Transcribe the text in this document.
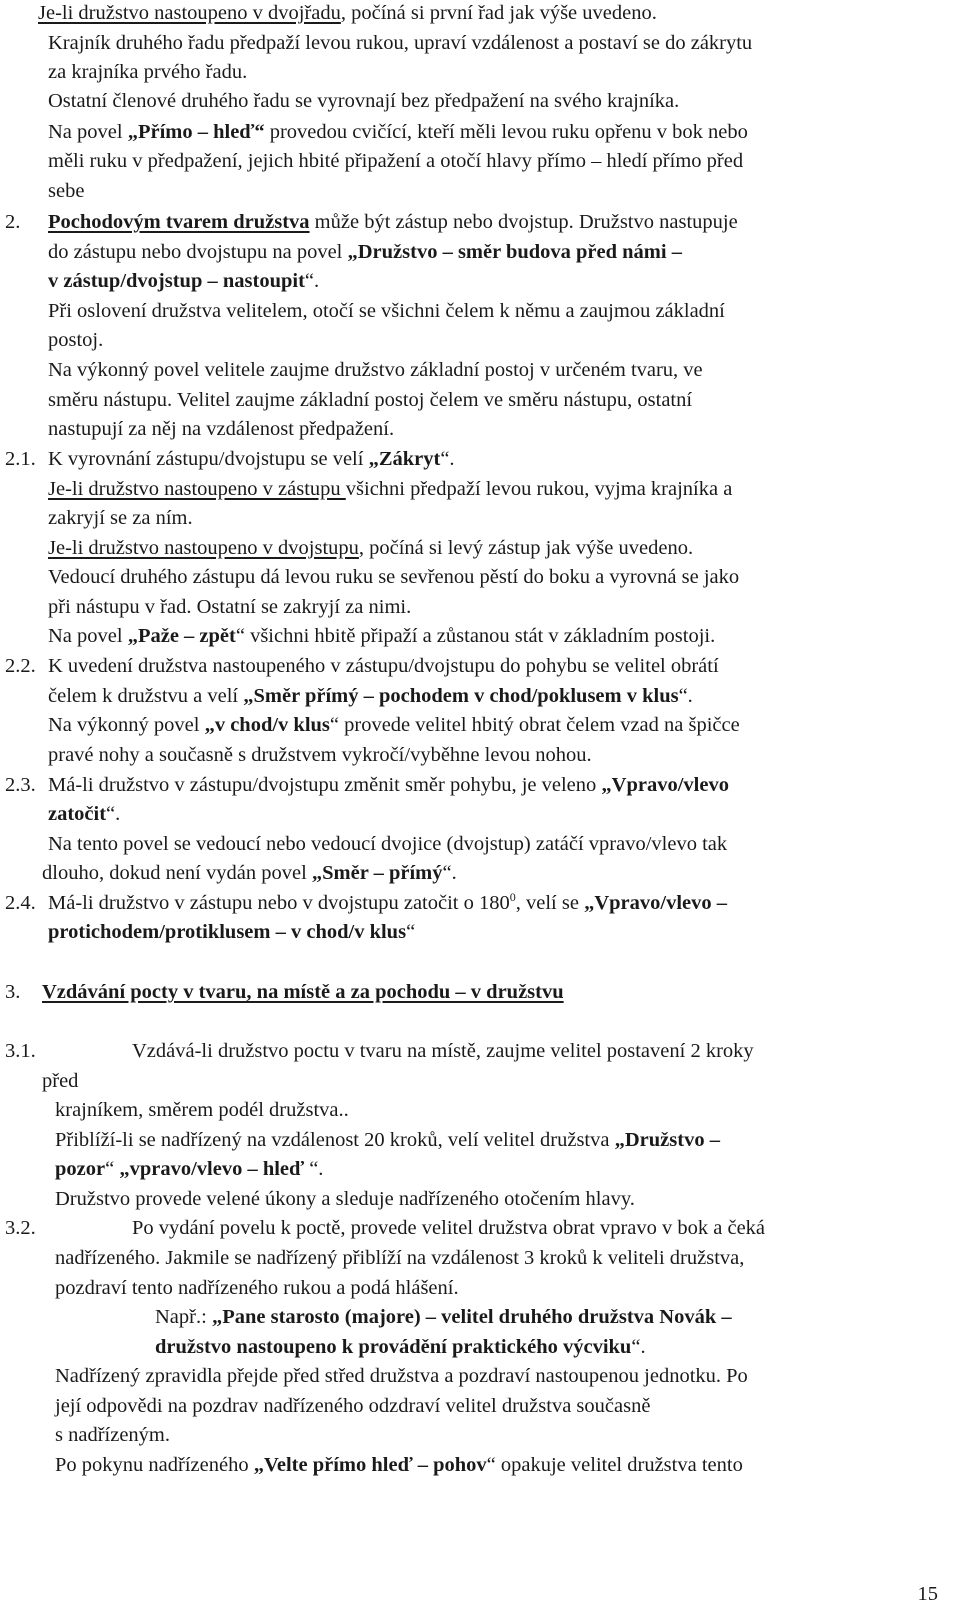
Je-li družstvo nastoupeno v dvojřadu, počíná si první řad jak výše uvedeno.
Krajník druhého řadu předpaží levou rukou, upraví vzdálenost a postaví se do zákrytu
za krajníka prvého řadu.
Ostatní členové druhého řadu se vyrovnají bez předpažení na svého krajníka.
Na povel „Přímo – hleď“ provedou cvičící, kteří měli levou ruku opřenu v bok nebo
měli ruku v předpažení, jejich hbité připažení a otočí hlavy přímo – hledí přímo před
sebe
2. Pochodovým tvarem družstva může být zástup nebo dvojstup. Družstvo nastupuje
do zástupu nebo dvojstupu na povel „Družstvo – směr budova před námi –
v zástup/dvojstup – nastoupit“.
Při oslovení družstva velitelem, otočí se všichni čelem k němu a zaujmou základní
postoj.
Na výkonný povel velitele zaujme družstvo základní postoj v určeném tvaru, ve
směru nástupu. Velitel zaujme základní postoj čelem ve směru nástupu, ostatní
nastupují za něj na vzdálenost předpažení.
2.1. K vyrovnání zástupu/dvojstupu se velí „Zákryt“.
Je-li družstvo nastoupeno v zástupu všichni předpaží levou rukou, vyjma krajníka a
zakryjí se za ním.
Je-li družstvo nastoupeno v dvojstupu, počíná si levý zástup jak výše uvedeno.
Vedoucí druhého zástupu dá levou ruku se sevřenou pěstí do boku a vyrovná se jako
při nástupu v řad. Ostatní se zakryjí za nimi.
Na povel „Paže – zpět“ všichni hbitě připaží a zůstanou stát v základním postoji.
2.2. K uvedení družstva nastoupeného v zástupu/dvojstupu do pohybu se velitel obrátí
čelem k družstvu a velí „Směr přímý – pochodem v chod/poklusem v klus“.
Na výkonný povel „v chod/v klus“ provede velitel hbitý obrat čelem vzad na špičce
pravé nohy a současně s družstvem vykročí/vyběhne levou nohou.
2.3. Má-li družstvo v zástupu/dvojstupu změnit směr pohybu, je veleno „Vpravo/vlevo
zatočit“.
Na tento povel se vedoucí nebo vedoucí dvojice (dvojstup) zatáčí vpravo/vlevo tak
dlouho, dokud není vydán povel „Směr – přímý“.
2.4. Má-li družstvo v zástupu nebo v dvojstupu zatočit o $180^0$, velí se „Vpravo/vlevo –
protichodem/protiklusem – v chod/v klus“
3. Vzdávání pocty v tvaru, na místě a za pochodu – v družstvu
3.1.	Vzdává-li družstvo poctu v tvaru na místě, zaujme velitel postavení 2 kroky
před
krajníkem, směrem podél družstva..
Přiblíží-li se nadřízený na vzdálenost 20 kroků, velí velitel družstva „Družstvo –
pozor“ „vpravo/vlevo – hleď “.
Družstvo provede velené úkony a sleduje nadřízeného otočením hlavy.
3.2.	Po vydání povelu k poctě, provede velitel družstva obrat vpravo v bok a čeká
nadřízeného. Jakmile se nadřízený přiblíží na vzdálenost 3 kroků k veliteli družstva,
pozdraví tento nadřízeného rukou a podá hlášení.
Např.: „Pane starosto (majore) – velitel druhého družstva Novák –
družstvo nastoupeno k provádění praktického výcviku“.
Nadřízený zpravidla přejde před střed družstva a pozdraví nastoupenou jednotku. Po
její odpovědi na pozdrav nadřízeného odzdraví velitel družstva současně
s nadřízeným.
Po pokynu nadřízeného „Velte přímo hleď – pohov“ opakuje velitel družstva tento
15
